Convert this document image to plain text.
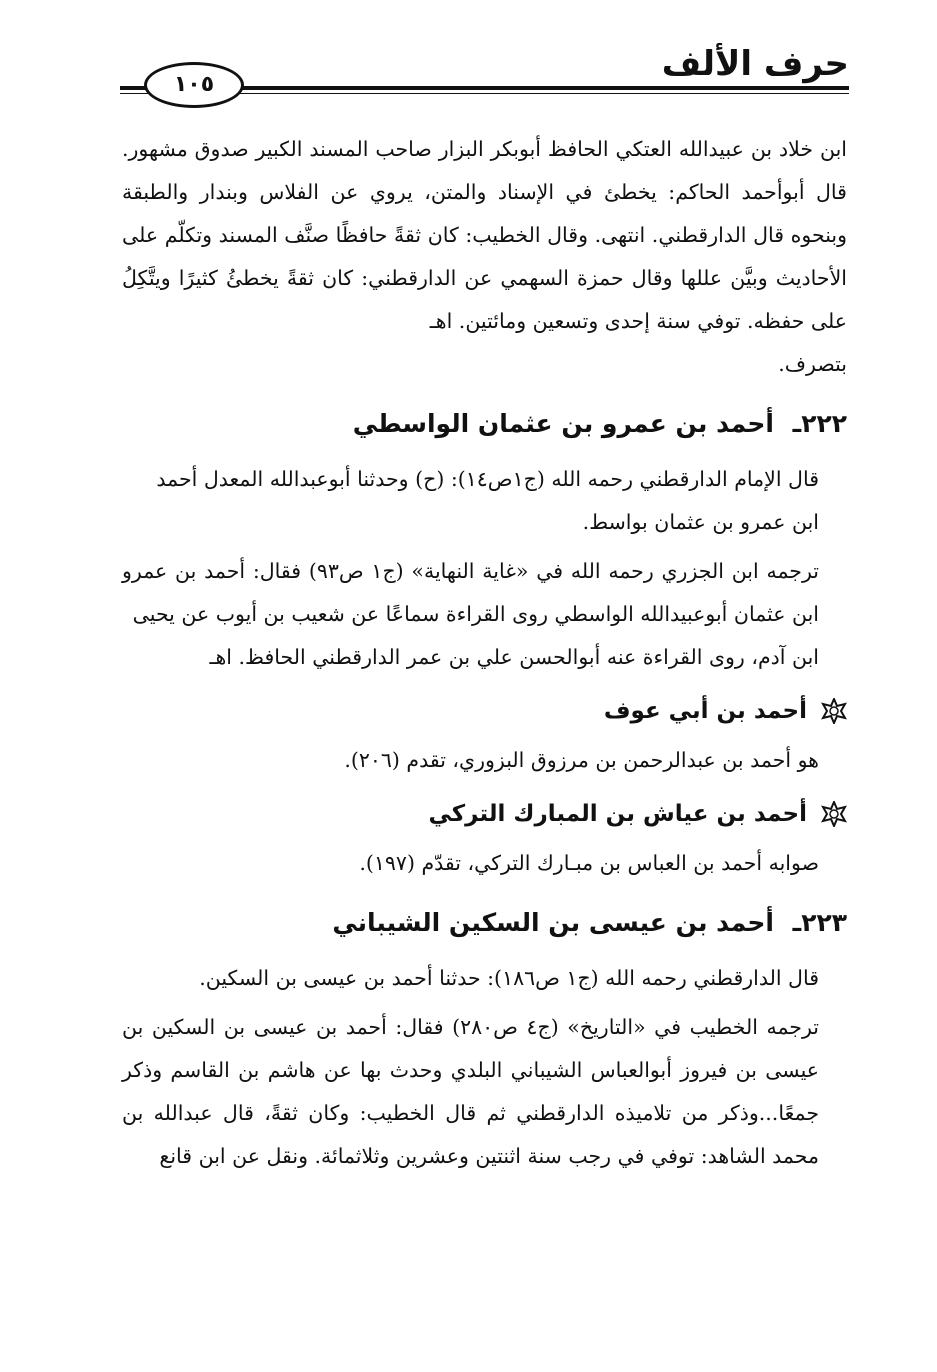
حرف الألف
١٠٥

ابن خلاد بن عبيدالله العتكي الحافظ أبوبكر البزار صاحب المسند الكبير صدوق مشهور. قال أبوأحمد الحاكم: يخطئ في الإسناد والمتن، يروي عن الفلاس وبندار والطبقة وبنحوه قال الدارقطني. انتهى. وقال الخطيب: كان ثقةً حافظًا صنَّف المسند وتكلّم على الأحاديث وبيَّن عللها وقال حمزة السهمي عن الدارقطني: كان ثقةً يخطئُ كثيرًا ويتَّكِلُ على حفظه. توفي سنة إحدى وتسعين ومائتين. اهـ
بتصرف.

٢٢٢ـ أحمد بن عمرو بن عثمان الواسطي

قال الإمام الدارقطني رحمه الله (ج١ص١٤): (ح) وحدثنا أبوعبدالله المعدل أحمد
ابن عمرو بن عثمان بواسط.

ترجمه ابن الجزري رحمه الله في «غاية النهاية» (ج١ ص٩٣) فقال: أحمد بن عمرو ابن عثمان أبوعبيدالله الواسطي روى القراءة سماعًا عن شعيب بن أيوب عن يحيى
ابن آدم، روى القراءة عنه أبوالحسن علي بن عمر الدارقطني الحافظ. اهـ

أحمد بن أبي عوف

هو أحمد بن عبدالرحمن بن مرزوق البزوري، تقدم (٢٠٦).

أحمد بن عياش بن المبارك التركي

صوابه أحمد بن العباس بن مبـارك التركي، تقدّم (١٩٧).

٢٢٣ـ أحمد بن عيسى بن السكين الشيباني

قال الدارقطني رحمه الله (ج١ ص١٨٦): حدثنا أحمد بن عيسى بن السكين.

ترجمه الخطيب في «التاريخ» (ج٤ ص٢٨٠) فقال: أحمد بن عيسى بن السكين بن عيسى بن فيروز أبوالعباس الشيباني البلدي وحدث بها عن هاشم بن القاسم وذكر جمعًا...وذكر من تلاميذه الدارقطني ثم قال الخطيب: وكان ثقةً، قال عبدالله بن محمد الشاهد: توفي في رجب سنة اثنتين وعشرين وثلاثمائة. ونقل عن ابن قانع
